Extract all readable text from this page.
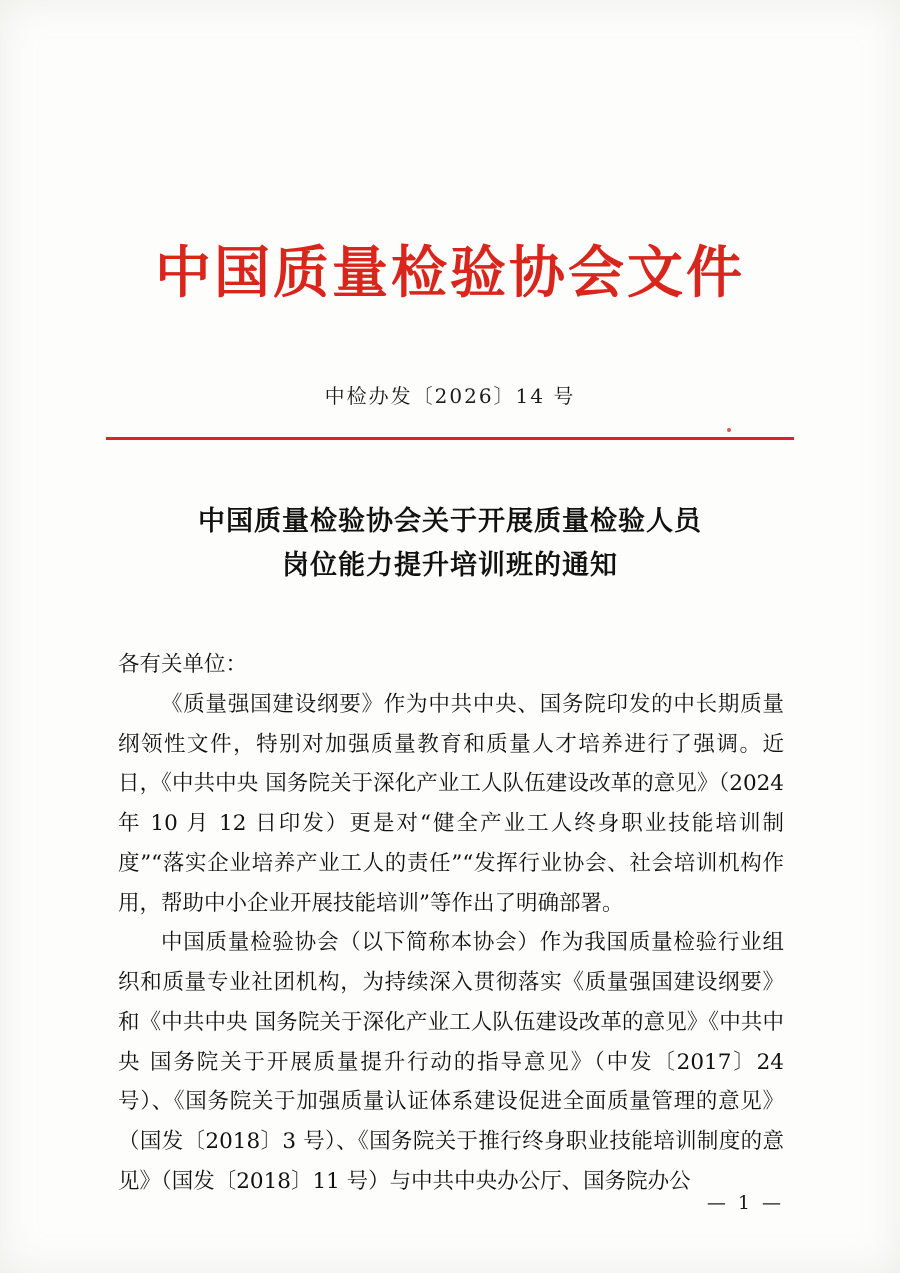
中国质量检验协会文件
中检办发〔2026〕14 号
中国质量检验协会关于开展质量检验人员
岗位能力提升培训班的通知

各有关单位：

《质量强国建设纲要》作为中共中央、国务院印发的中长期质量纲领性文件，特别对加强质量教育和质量人才培养进行了强调。近日，《中共中央 国务院关于深化产业工人队伍建设改革的意见》（2024 年 10 月 12 日印发）更是对“健全产业工人终身职业技能培训制度”“落实企业培养产业工人的责任”“发挥行业协会、社会培训机构作用，帮助中小企业开展技能培训”等作出了明确部署。

中国质量检验协会（以下简称本协会）作为我国质量检验行业组织和质量专业社团机构，为持续深入贯彻落实《质量强国建设纲要》和《中共中央 国务院关于深化产业工人队伍建设改革的意见》《中共中央 国务院关于开展质量提升行动的指导意见》（中发〔2017〕24 号）、《国务院关于加强质量认证体系建设促进全面质量管理的意见》（国发〔2018〕3 号）、《国务院关于推行终身职业技能培训制度的意见》（国发〔2018〕11 号）与中共中央办公厅、国务院办公

— 1 —
